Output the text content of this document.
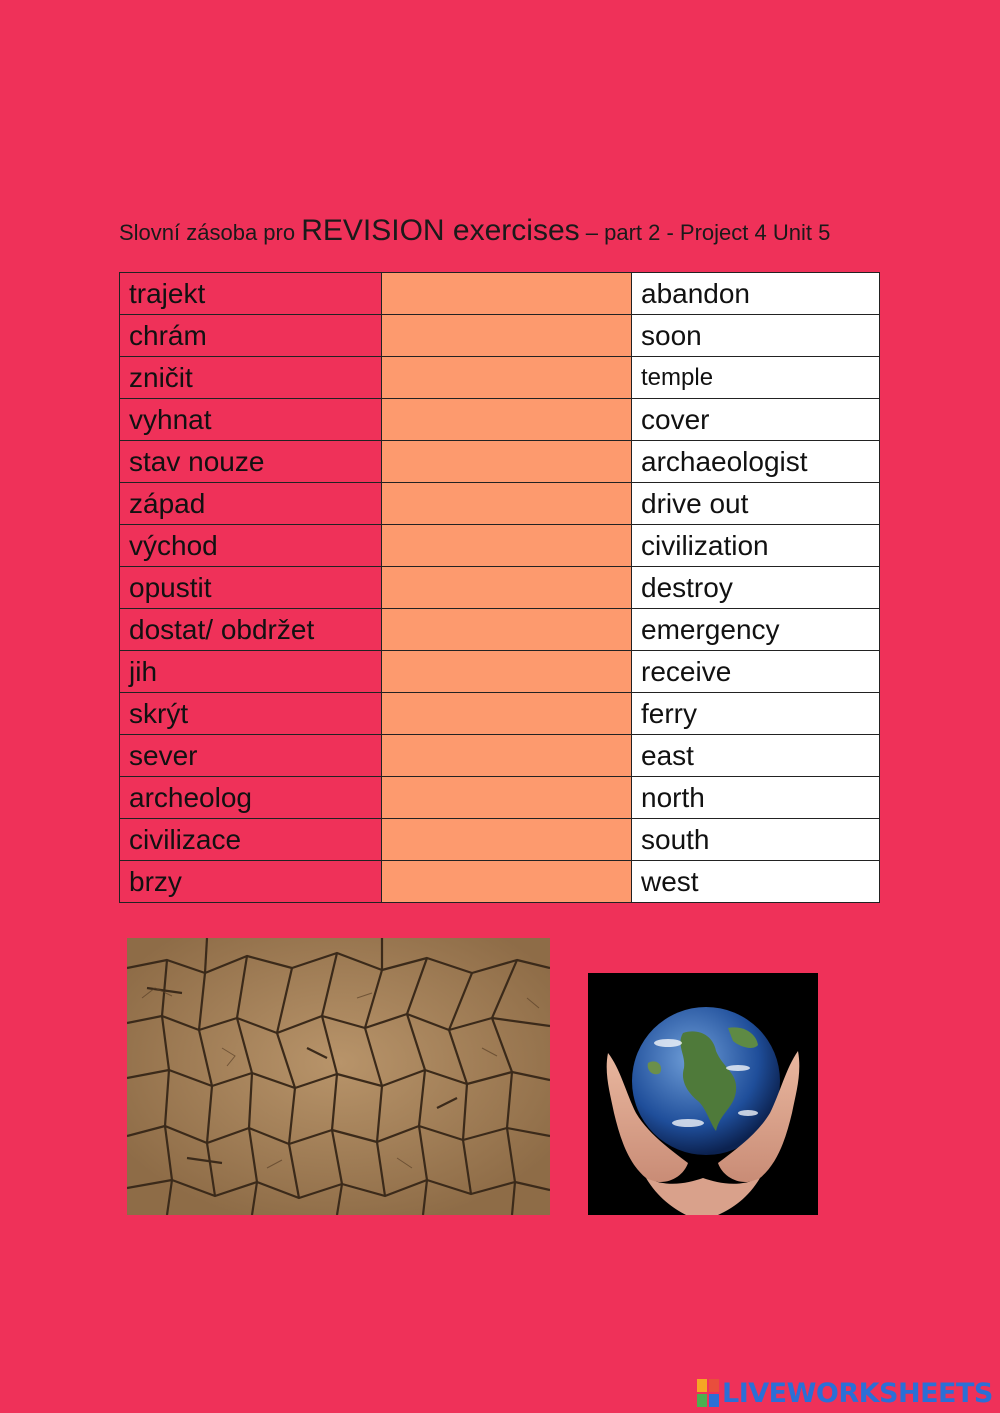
Slovní zásoba pro REVISION exercises – part 2 - Project 4 Unit 5
trajekt		abandon
chrám		soon
zničit		temple
vyhnat		cover
stav nouze		archaeologist
západ		drive out
východ		civilization
opustit		destroy
dostat/ obdržet		emergency
jih		receive
skrýt		ferry
sever		east
archeolog		north
civilizace		south
brzy		west
LIVEWORKSHEETS
